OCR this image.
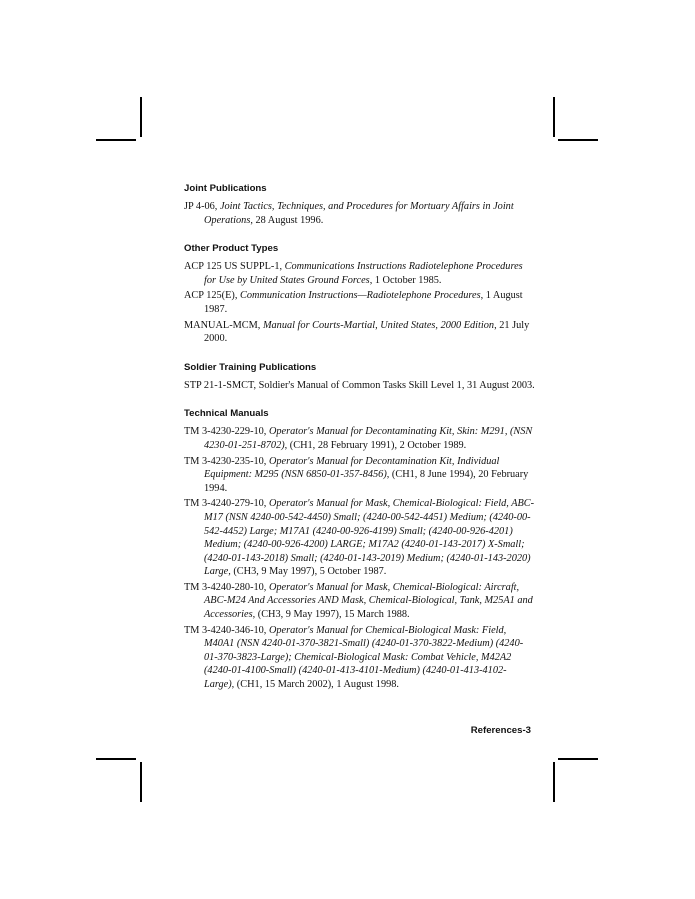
Joint Publications

JP 4-06, Joint Tactics, Techniques, and Procedures for Mortuary Affairs in Joint Operations, 28 August 1996.

Other Product Types

ACP 125 US SUPPL-1, Communications Instructions Radiotelephone Procedures for Use by United States Ground Forces, 1 October 1985.

ACP 125(E), Communication Instructions—Radiotelephone Procedures, 1 August 1987.

MANUAL-MCM, Manual for Courts-Martial, United States, 2000 Edition, 21 July 2000.

Soldier Training Publications

STP 21-1-SMCT, Soldier's Manual of Common Tasks Skill Level 1, 31 August 2003.

Technical Manuals

TM 3-4230-229-10, Operator's Manual for Decontaminating Kit, Skin: M291, (NSN 4230-01-251-8702), (CH1, 28 February 1991), 2 October 1989.

TM 3-4230-235-10, Operator's Manual for Decontamination Kit, Individual Equipment: M295 (NSN 6850-01-357-8456), (CH1, 8 June 1994), 20 February 1994.

TM 3-4240-279-10, Operator's Manual for Mask, Chemical-Biological: Field, ABC-M17 (NSN 4240-00-542-4450) Small; (4240-00-542-4451) Medium; (4240-00-542-4452) Large; M17A1 (4240-00-926-4199) Small; (4240-00-926-4201) Medium; (4240-00-926-4200) LARGE; M17A2 (4240-01-143-2017) X-Small; (4240-01-143-2018) Small; (4240-01-143-2019) Medium; (4240-01-143-2020) Large, (CH3, 9 May 1997), 5 October 1987.

TM 3-4240-280-10, Operator's Manual for Mask, Chemical-Biological: Aircraft, ABC-M24 And Accessories AND Mask, Chemical-Biological, Tank, M25A1 and Accessories, (CH3, 9 May 1997), 15 March 1988.

TM 3-4240-346-10, Operator's Manual for Chemical-Biological Mask: Field, M40A1 (NSN 4240-01-370-3821-Small) (4240-01-370-3822-Medium) (4240-01-370-3823-Large); Chemical-Biological Mask: Combat Vehicle, M42A2 (4240-01-4100-Small) (4240-01-413-4101-Medium) (4240-01-413-4102-Large), (CH1, 15 March 2002), 1 August 1998.

References-3
